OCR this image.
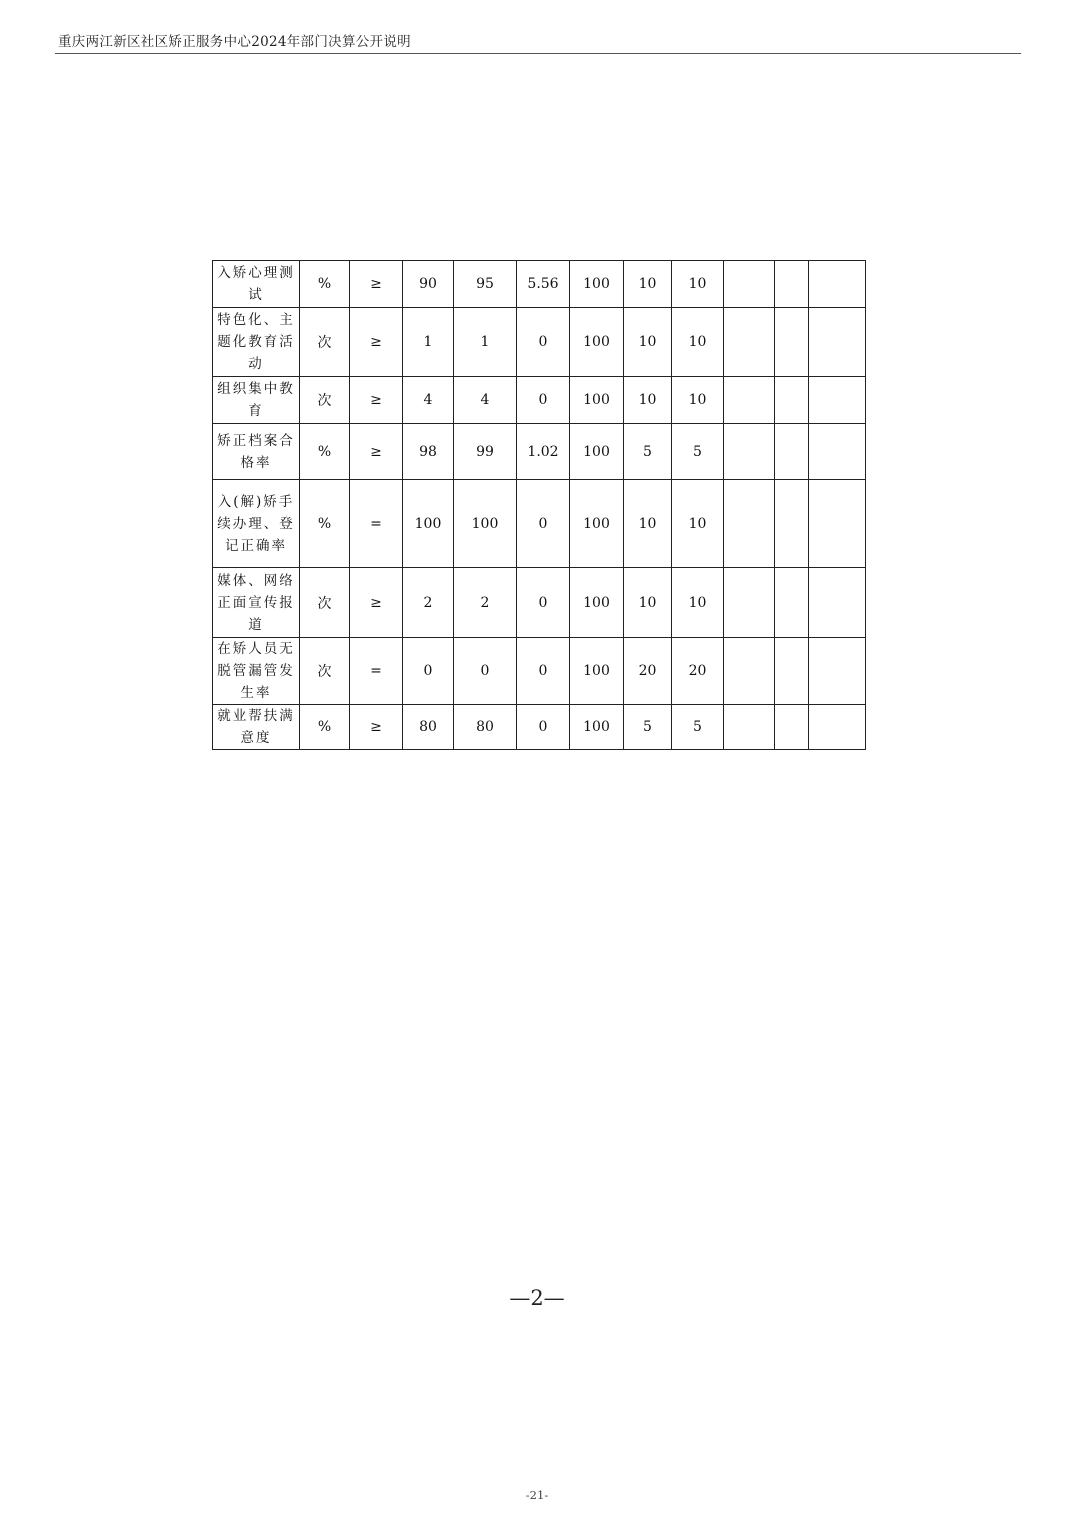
重庆两江新区社区矫正服务中心2024年部门决算公开说明
入矫心理测试	%	≥	90	95	5.56	100	10	10			
特色化、主题化教育活动	次	≥	1	1	0	100	10	10			
组织集中教育	次	≥	4	4	0	100	10	10			
矫正档案合格率	%	≥	98	99	1.02	100	5	5			
入(解)矫手续办理、登记正确率	%	=	100	100	0	100	10	10			
媒体、网络正面宣传报道	次	≥	2	2	0	100	10	10			
在矫人员无脱管漏管发生率	次	=	0	0	0	100	20	20			
就业帮扶满意度	%	≥	80	80	0	100	5	5			
—2—
-21-
